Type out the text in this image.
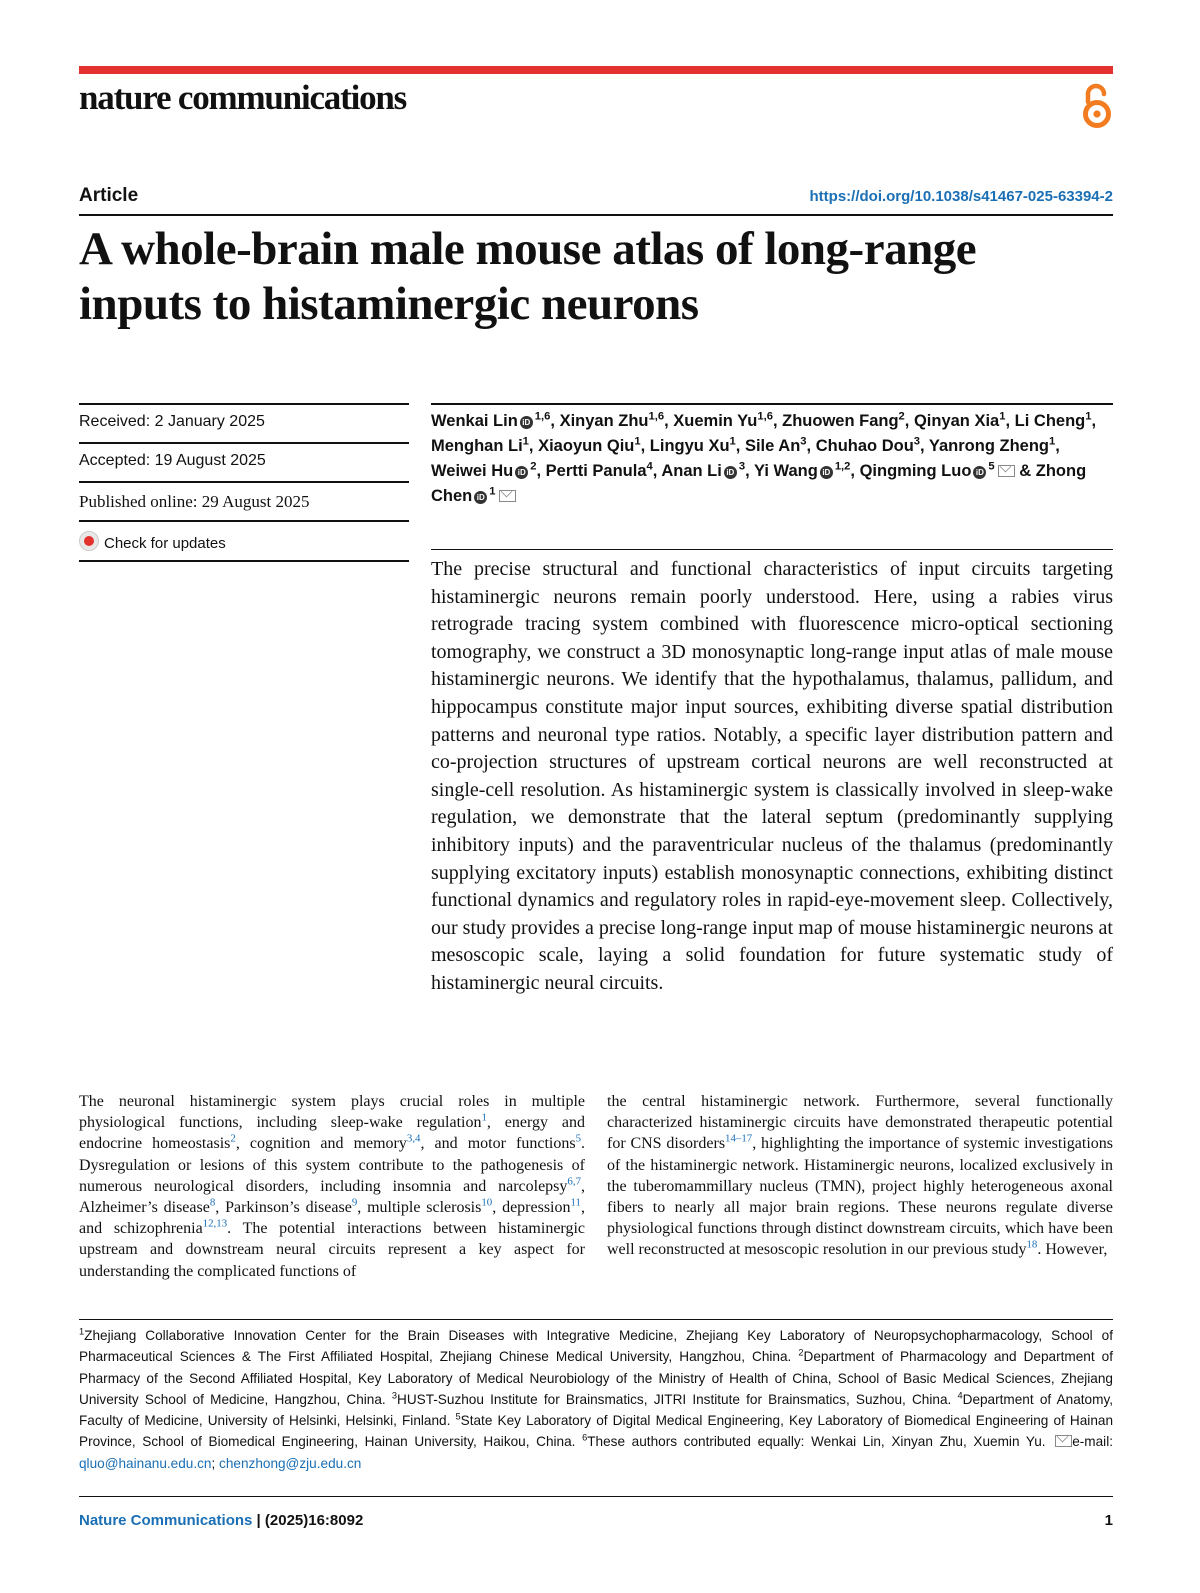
nature communications
Article	https://doi.org/10.1038/s41467-025-63394-2
A whole-brain male mouse atlas of long-range inputs to histaminergic neurons
Received: 2 January 2025
Accepted: 19 August 2025
Published online: 29 August 2025
Check for updates
Wenkai Lin iD $^{1,6}$, Xinyan Zhu$^{1,6}$, Xuemin Yu$^{1,6}$, Zhuowen Fang$^2$, Qinyan Xia$^1$, Li Cheng$^1$, Menghan Li$^1$, Xiaoyun Qiu$^1$, Lingyu Xu$^1$, Sile An$^3$, Chuhao Dou$^3$, Yanrong Zheng$^1$, Weiwei Hu iD $^2$, Pertti Panula$^4$, Anan Li iD $^3$, Yi Wang iD $^{1,2}$, Qingming Luo iD $^5$ & Zhong Chen iD $^1$

The precise structural and functional characteristics of input circuits targeting histaminergic neurons remain poorly understood. Here, using a rabies virus retrograde tracing system combined with fluorescence micro-optical sectioning tomography, we construct a 3D monosynaptic long-range input atlas of male mouse histaminergic neurons. We identify that the hypothalamus, thalamus, pallidum, and hippocampus constitute major input sources, exhibiting diverse spatial distribution patterns and neuronal type ratios. Notably, a specific layer distribution pattern and co-projection structures of upstream cortical neurons are well reconstructed at single-cell resolution. As histaminergic system is classically involved in sleep-wake regulation, we demonstrate that the lateral septum (predominantly supplying inhibitory inputs) and the paraventricular nucleus of the thalamus (predominantly supplying excitatory inputs) establish monosynaptic connections, exhibiting distinct functional dynamics and regulatory roles in rapid-eye-movement sleep. Collectively, our study provides a precise long-range input map of mouse histaminergic neurons at mesoscopic scale, laying a solid foundation for future systematic study of histaminergic neural circuits.

The neuronal histaminergic system plays crucial roles in multiple physiological functions, including sleep-wake regulation$^1$, energy and endocrine homeostasis$^2$, cognition and memory$^{3,4}$, and motor functions$^5$. Dysregulation or lesions of this system contribute to the pathogenesis of numerous neurological disorders, including insomnia and narcolepsy$^{6,7}$, Alzheimer’s disease$^8$, Parkinson’s disease$^9$, multiple sclerosis$^{10}$, depression$^{11}$, and schizophrenia$^{12,13}$. The potential interactions between histaminergic upstream and downstream neural circuits represent a key aspect for understanding the complicated functions of

the central histaminergic network. Furthermore, several functionally characterized histaminergic circuits have demonstrated therapeutic potential for CNS disorders$^{14-17}$, highlighting the importance of systemic investigations of the histaminergic network. Histaminergic neurons, localized exclusively in the tuberomammillary nucleus (TMN), project highly heterogeneous axonal fibers to nearly all major brain regions. These neurons regulate diverse physiological functions through distinct downstream circuits, which have been well reconstructed at mesoscopic resolution in our previous study$^{18}$. However,

$^1$Zhejiang Collaborative Innovation Center for the Brain Diseases with Integrative Medicine, Zhejiang Key Laboratory of Neuropsychopharmacology, School of Pharmaceutical Sciences & The First Affiliated Hospital, Zhejiang Chinese Medical University, Hangzhou, China. $^2$Department of Pharmacology and Department of Pharmacy of the Second Affiliated Hospital, Key Laboratory of Medical Neurobiology of the Ministry of Health of China, School of Basic Medical Sciences, Zhejiang University School of Medicine, Hangzhou, China. $^3$HUST-Suzhou Institute for Brainsmatics, JITRI Institute for Brainsmatics, Suzhou, China. $^4$Department of Anatomy, Faculty of Medicine, University of Helsinki, Helsinki, Finland. $^5$State Key Laboratory of Digital Medical Engineering, Key Laboratory of Biomedical Engineering of Hainan Province, School of Biomedical Engineering, Hainan University, Haikou, China. $^6$These authors contributed equally: Wenkai Lin, Xinyan Zhu, Xuemin Yu. e-mail: qluo@hainanu.edu.cn; chenzhong@zju.edu.cn

Nature Communications | (2025)16:8092	1
